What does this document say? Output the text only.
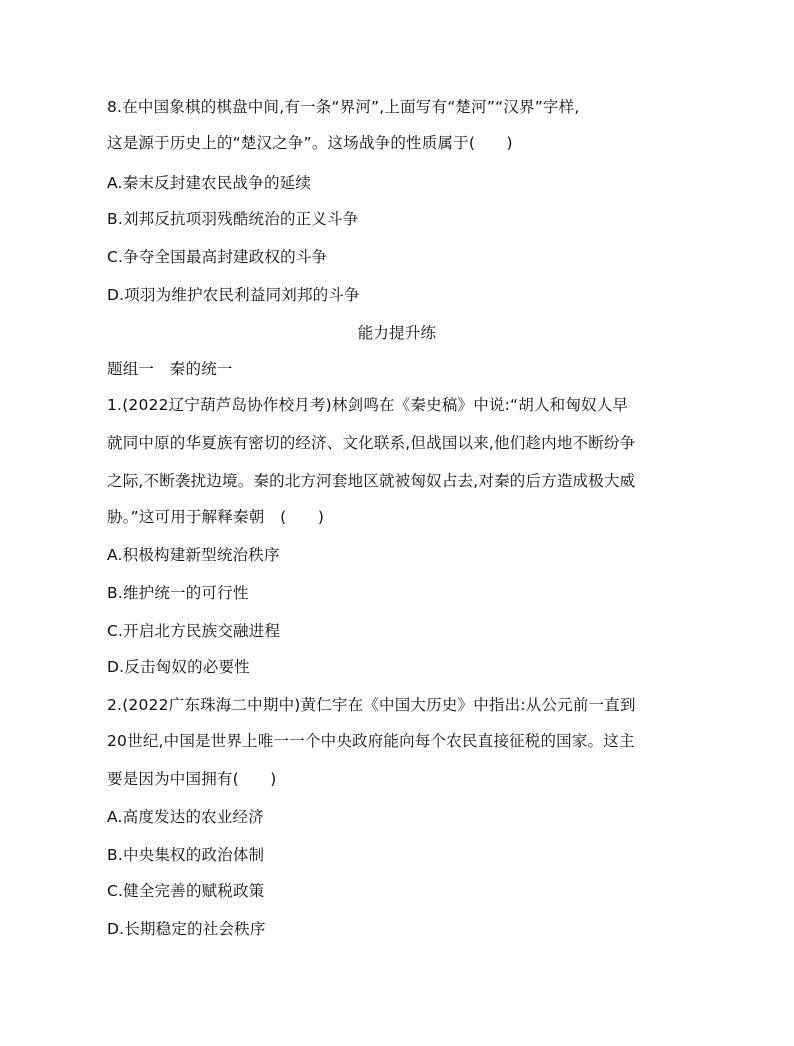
8.在中国象棋的棋盘中间,有一条“界河”,上面写有“楚河”“汉界”字样,
这是源于历史上的“楚汉之争”。这场战争的性质属于(　　)
A.秦末反封建农民战争的延续
B.刘邦反抗项羽残酷统治的正义斗争
C.争夺全国最高封建政权的斗争
D.项羽为维护农民利益同刘邦的斗争
能力提升练
题组一　秦的统一
1.(2022辽宁葫芦岛协作校月考)林剑鸣在《秦史稿》中说:“胡人和匈奴人早
就同中原的华夏族有密切的经济、文化联系,但战国以来,他们趁内地不断纷争
之际,不断袭扰边境。秦的北方河套地区就被匈奴占去,对秦的后方造成极大威
胁。”这可用于解释秦朝　(　　)
A.积极构建新型统治秩序
B.维护统一的可行性
C.开启北方民族交融进程
D.反击匈奴的必要性
2.(2022广东珠海二中期中)黄仁宇在《中国大历史》中指出:从公元前一直到
20世纪,中国是世界上唯一一个中央政府能向每个农民直接征税的国家。这主
要是因为中国拥有(　　)
A.高度发达的农业经济
B.中央集权的政治体制
C.健全完善的赋税政策
D.长期稳定的社会秩序
